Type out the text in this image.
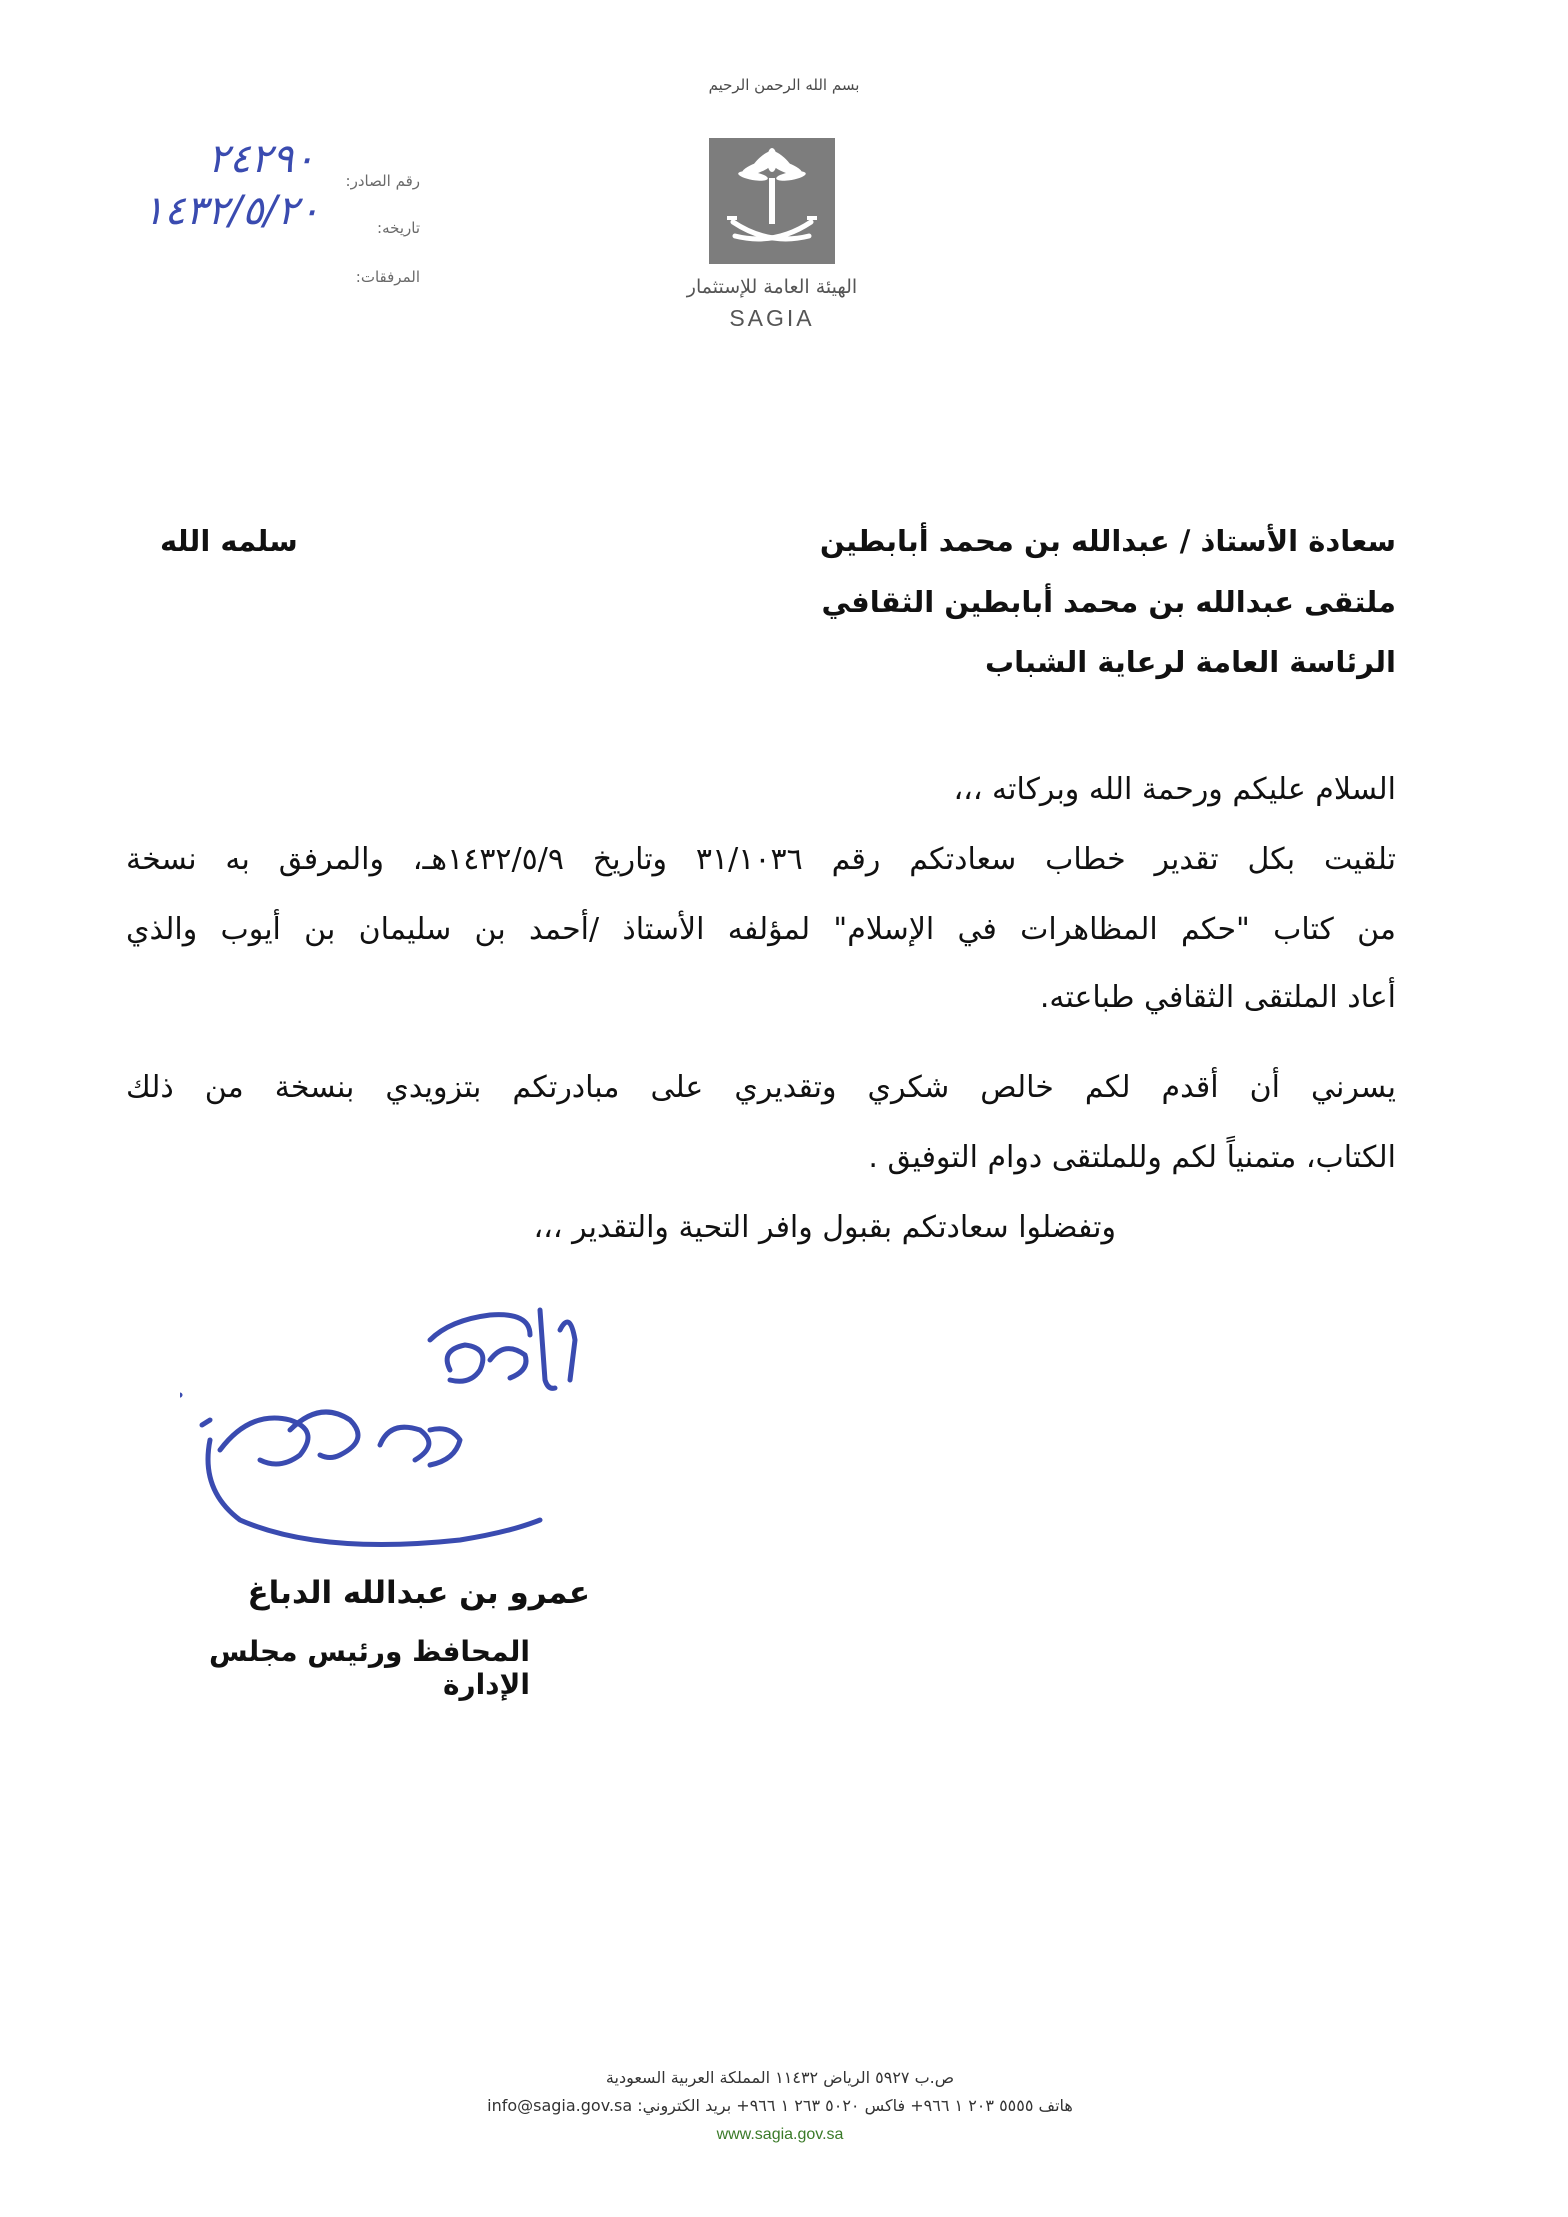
بسم الله الرحمن الرحيم
الهيئة العامة للإستثمار
SAGIA
رقم الصادر:
تاريخه:
المرفقات:
٢٤٢٩٠
١٤٣٢/٥/٢٠
سعادة الأستاذ / عبدالله بن محمد أبابطين
ملتقى عبدالله بن محمد أبابطين الثقافي
الرئاسة العامة لرعاية الشباب
سلمه الله
السلام عليكم ورحمة الله وبركاته ،،،
تلقيت بكل تقدير خطاب سعادتكم رقم ٣١/١٠٣٦ وتاريخ ١٤٣٢/٥/٩هـ، والمرفق به نسخة
من كتاب "حكم المظاهرات في الإسلام" لمؤلفه الأستاذ /أحمد بن سليمان بن أيوب والذي
أعاد الملتقى الثقافي طباعته.
يسرني أن أقدم لكم خالص شكري وتقديري على مبادرتكم بتزويدي بنسخة من ذلك
الكتاب، متمنياً لكم وللملتقى دوام التوفيق .
وتفضلوا سعادتكم بقبول وافر التحية والتقدير ،،،
عمرو بن عبدالله الدباغ
المحافظ ورئيس مجلس الإدارة
ص.ب ٥٩٢٧ الرياض ١١٤٣٢ المملكة العربية السعودية
info@sagia.gov.sa هاتف ٥٥٥٥ ٢٠٣ ١ ٩٦٦+ فاكس ٥٠٢٠ ٢٦٣ ١ ٩٦٦+ بريد الكتروني:
www.sagia.gov.sa
